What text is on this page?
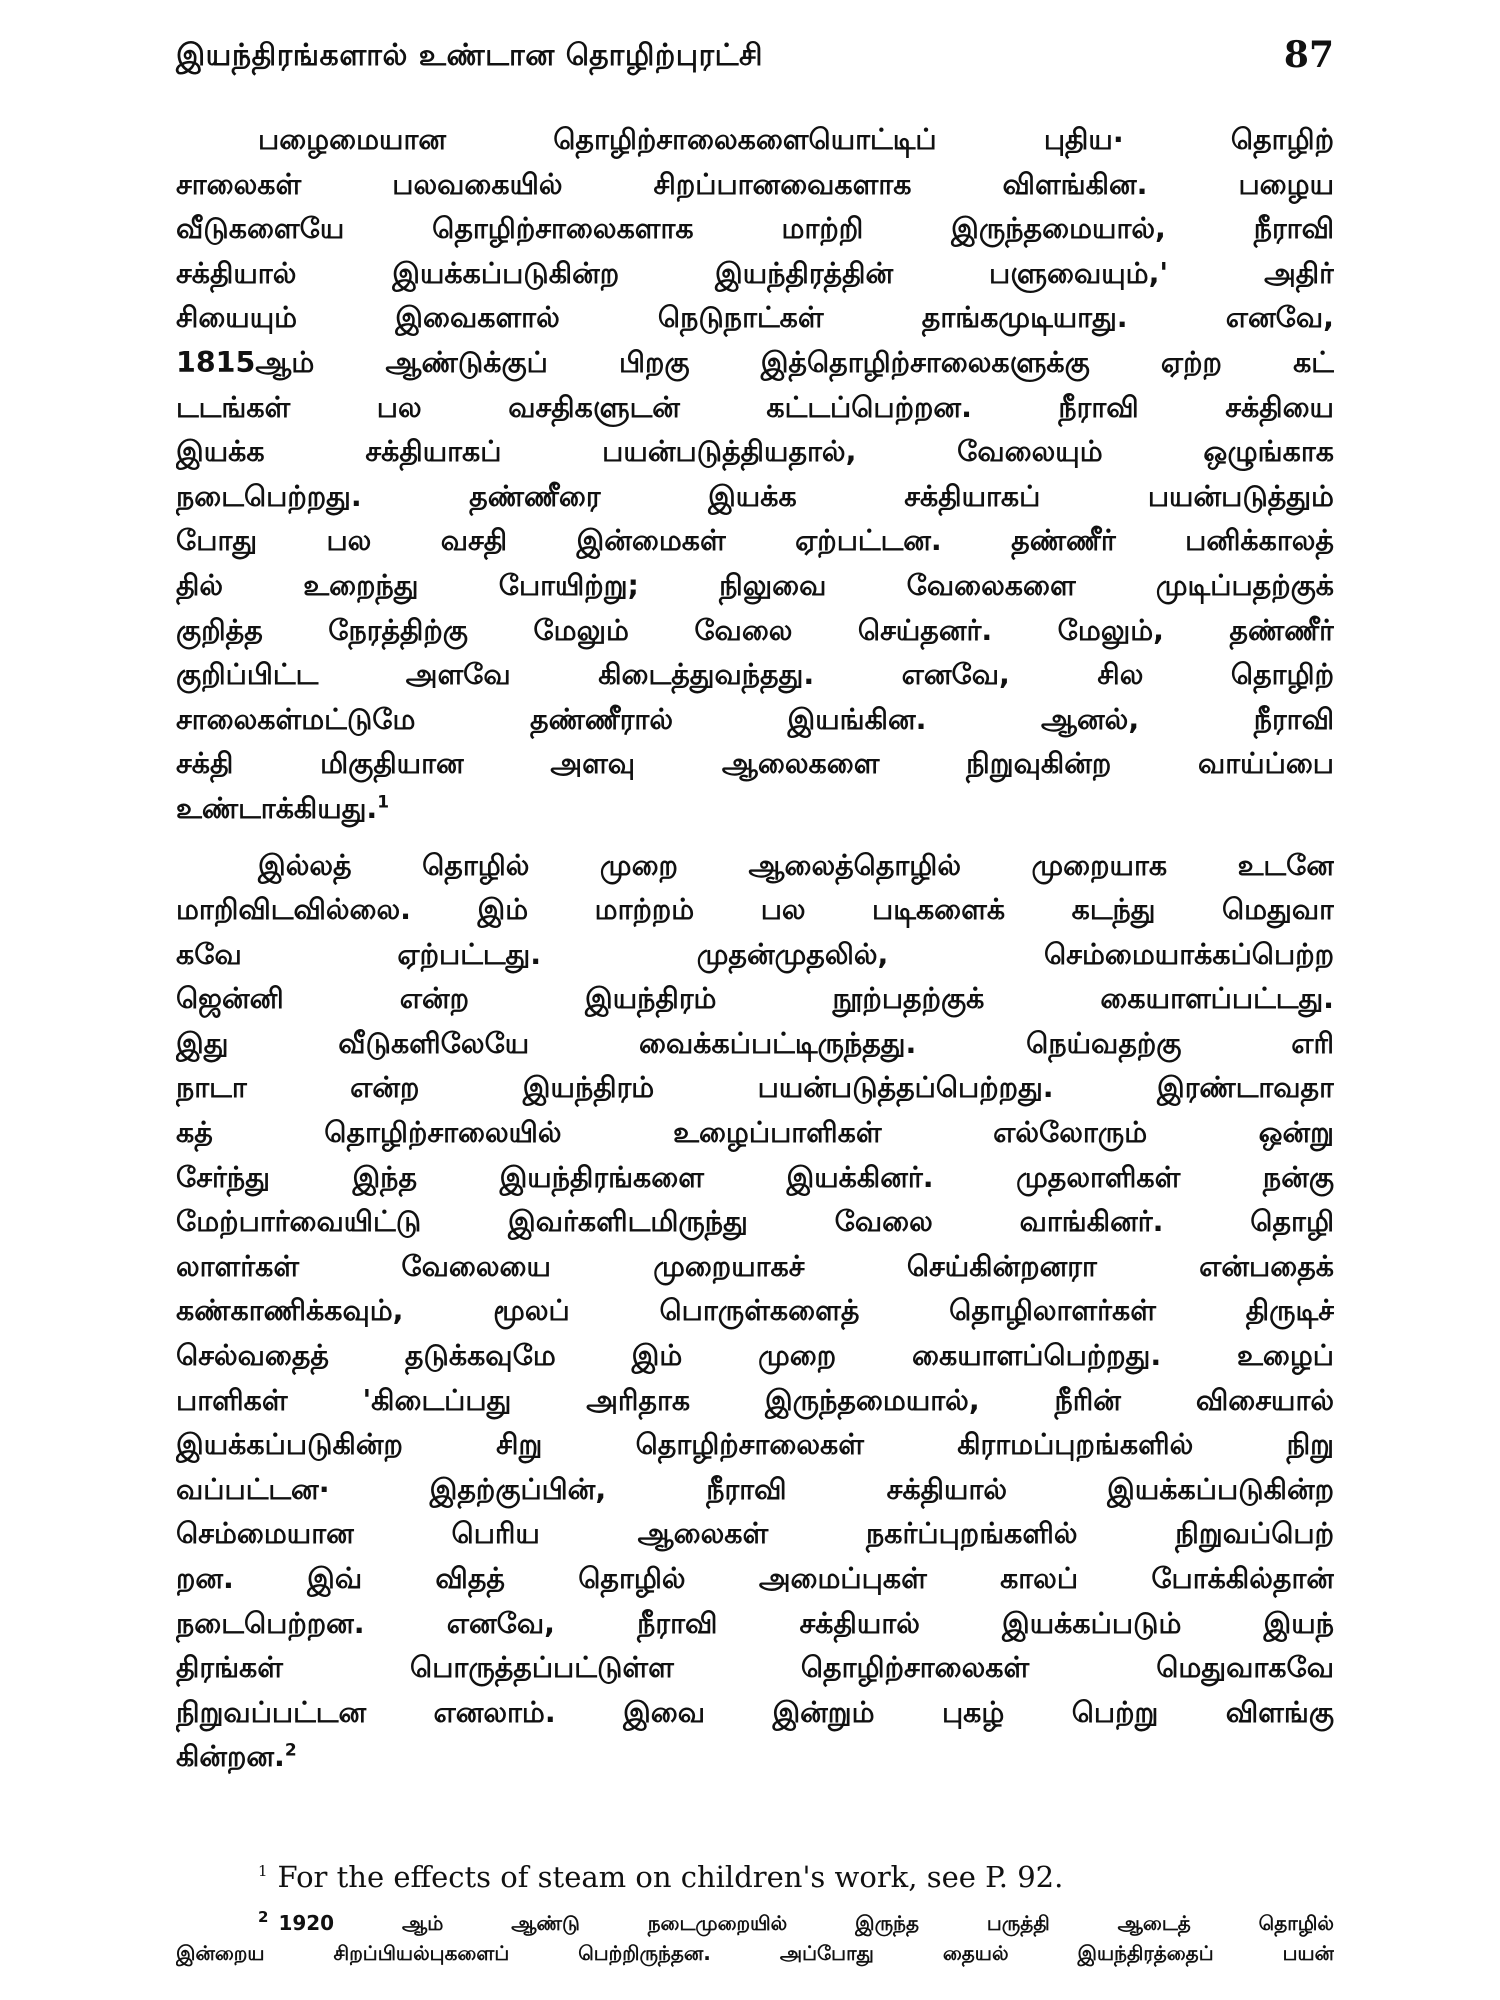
இயந்திரங்களால் உண்டான தொழிற்புரட்சி	87

பழைமையான தொழிற்சாலைகளையொட்டிப் புதிய· தொழிற்

சாலைகள் பலவகையில் சிறப்பானவைகளாக விளங்கின. பழைய

வீடுகளையே தொழிற்சாலைகளாக மாற்றி இருந்தமையால், நீராவி

சக்தியால் இயக்கப்படுகின்ற இயந்திரத்தின் பளுவையும்,' அதிர்

சியையும் இவைகளால் நெடுநாட்கள் தாங்கமுடியாது. எனவே,

1815ஆம் ஆண்டுக்குப் பிறகு இத்தொழிற்சாலைகளுக்கு ஏற்ற கட்

டடங்கள் பல வசதிகளுடன் கட்டப்பெற்றன. நீராவி சக்தியை

இயக்க சக்தியாகப் பயன்படுத்தியதால், வேலையும் ஒழுங்காக

நடைபெற்றது. தண்ணீரை இயக்க சக்தியாகப் பயன்படுத்தும்

போது பல வசதி இன்மைகள் ஏற்பட்டன. தண்ணீர் பனிக்காலத்

தில் உறைந்து போயிற்று; நிலுவை வேலைகளை முடிப்பதற்குக்

குறித்த நேரத்திற்கு மேலும் வேலை செய்தனர். மேலும், தண்ணீர்

குறிப்பிட்ட அளவே கிடைத்துவந்தது. எனவே, சில தொழிற்

சாலைகள்மட்டுமே தண்ணீரால் இயங்கின. ஆனல், நீராவி

சக்தி மிகுதியான அளவு ஆலைகளை நிறுவுகின்ற வாய்ப்பை

உண்டாக்கியது.$^1$

இல்லத் தொழில் முறை ஆலைத்தொழில் முறையாக உடனே

மாறிவிடவில்லை. இம் மாற்றம் பல படிகளைக் கடந்து மெதுவா

கவே ஏற்பட்டது. முதன்முதலில், செம்மையாக்கப்பெற்ற

ஜென்னி என்ற இயந்திரம் நூற்பதற்குக் கையாளப்பட்டது.

இது வீடுகளிலேயே வைக்கப்பட்டிருந்தது. நெய்வதற்கு எரி

நாடா என்ற இயந்திரம் பயன்படுத்தப்பெற்றது. இரண்டாவதா

கத் தொழிற்சாலையில் உழைப்பாளிகள் எல்லோரும் ஒன்று

சேர்ந்து இந்த இயந்திரங்களை இயக்கினர். முதலாளிகள் நன்கு

மேற்பார்வையிட்டு இவர்களிடமிருந்து வேலை வாங்கினர். தொழி

லாளர்கள் வேலையை முறையாகச் செய்கின்றனரா என்பதைக்

கண்காணிக்கவும், மூலப் பொருள்களைத் தொழிலாளர்கள் திருடிச்

செல்வதைத் தடுக்கவுமே இம் முறை கையாளப்பெற்றது. உழைப்

பாளிகள் 'கிடைப்பது அரிதாக இருந்தமையால், நீரின் விசையால்

இயக்கப்படுகின்ற சிறு தொழிற்சாலைகள் கிராமப்புறங்களில் நிறு

வப்பட்டன· இதற்குப்பின், நீராவி சக்தியால் இயக்கப்படுகின்ற

செம்மையான பெரிய ஆலைகள் நகர்ப்புறங்களில் நிறுவப்பெற்

றன. இவ் விதத் தொழில் அமைப்புகள் காலப் போக்கில்தான்

நடைபெற்றன. எனவே, நீராவி சக்தியால் இயக்கப்படும் இயந்

திரங்கள் பொருத்தப்பட்டுள்ள தொழிற்சாலைகள் மெதுவாகவே

நிறுவப்பட்டன எனலாம். இவை இன்றும் புகழ் பெற்று விளங்கு

கின்றன.$^2$

$^1$ For the effects of steam on children's work, see P. 92.

$^2$ 1920 ஆம் ஆண்டு நடைமுறையில் இருந்த பருத்தி ஆடைத் தொழில்

இன்றைய சிறப்பியல்புகளைப் பெற்றிருந்தன. அப்போது தையல் இயந்திரத்தைப் பயன்
